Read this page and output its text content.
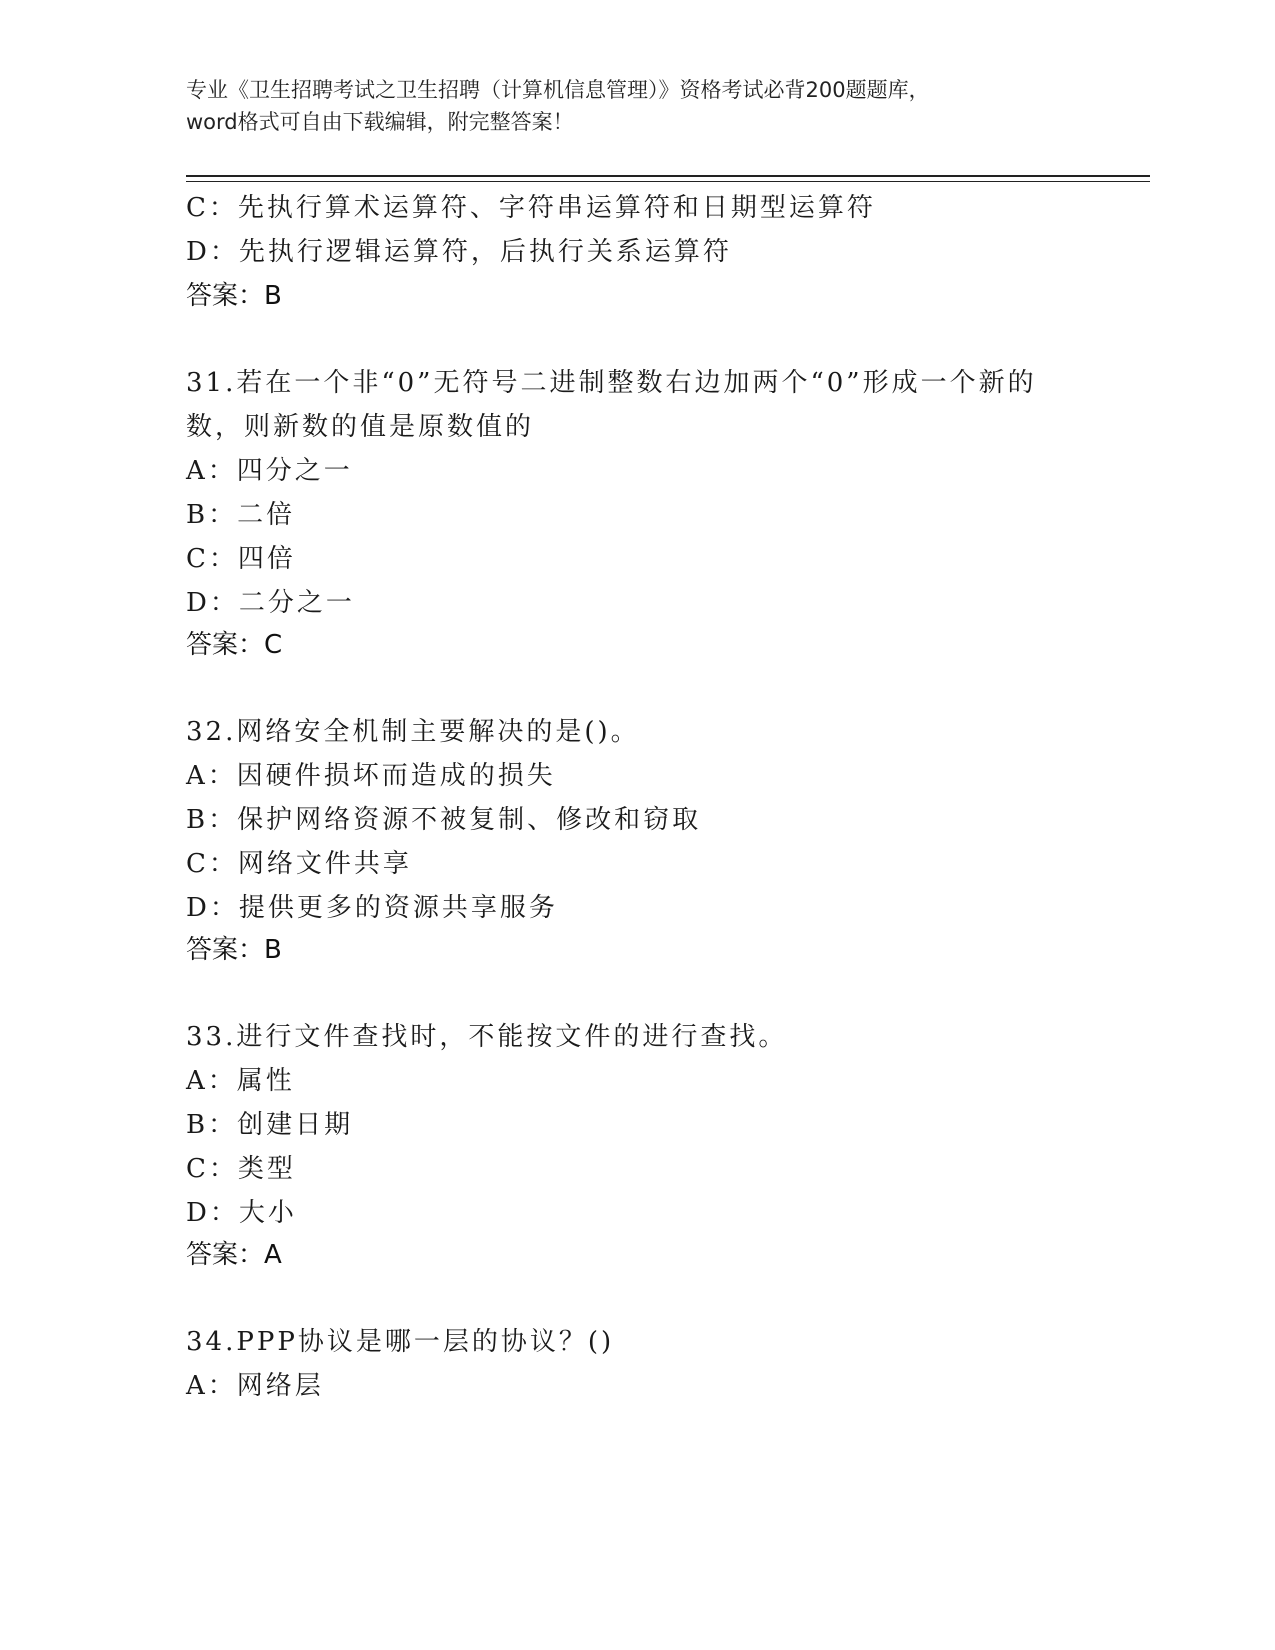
专业《卫生招聘考试之卫生招聘（计算机信息管理）》资格考试必背200题题库，
word格式可自由下载编辑，附完整答案！
C：先执行算术运算符、字符串运算符和日期型运算符
D：先执行逻辑运算符，后执行关系运算符
答案：B
31.若在一个非“0”无符号二进制整数右边加两个“0”形成一个新的
数，则新数的值是原数值的
A：四分之一
B：二倍
C：四倍
D：二分之一
答案：C
32.网络安全机制主要解决的是()。
A：因硬件损坏而造成的损失
B：保护网络资源不被复制、修改和窃取
C：网络文件共享
D：提供更多的资源共享服务
答案：B
33.进行文件查找时，不能按文件的进行查找。
A：属性
B：创建日期
C：类型
D：大小
答案：A
34.PPP协议是哪一层的协议？()
A：网络层
